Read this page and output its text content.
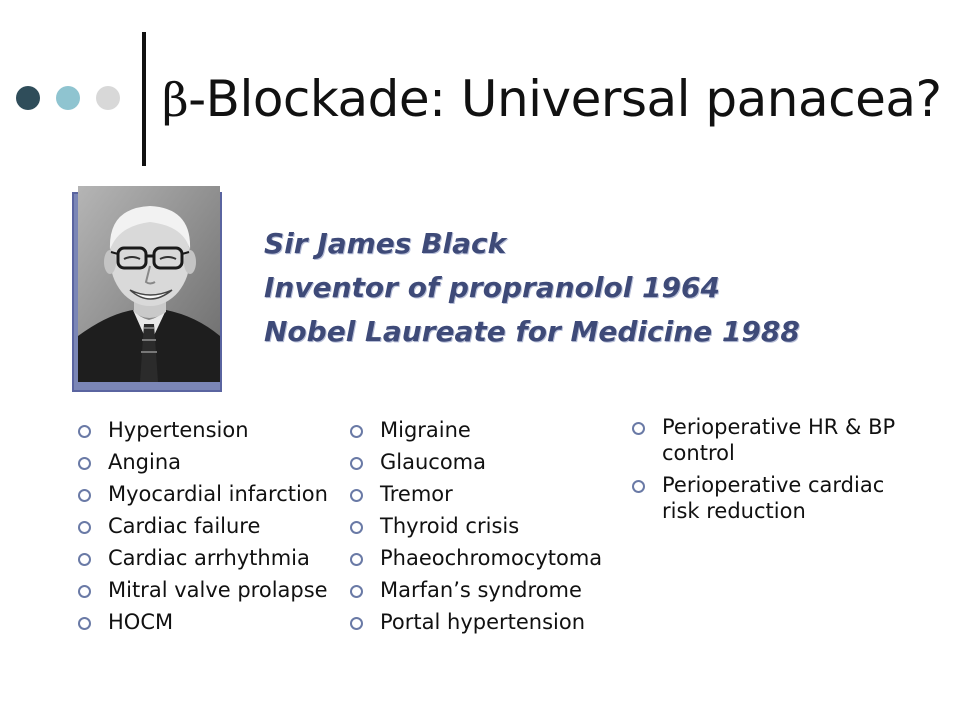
β-Blockade: Universal panacea?
Sir James Black
Inventor of propranolol 1964
Nobel Laureate for Medicine 1988
Hypertension
Angina
Myocardial infarction
Cardiac failure
Cardiac arrhythmia
Mitral valve prolapse
HOCM
Migraine
Glaucoma
Tremor
Thyroid crisis
Phaeochromocytoma
Marfan’s syndrome
Portal hypertension
Perioperative HR & BP control
Perioperative cardiac risk reduction
